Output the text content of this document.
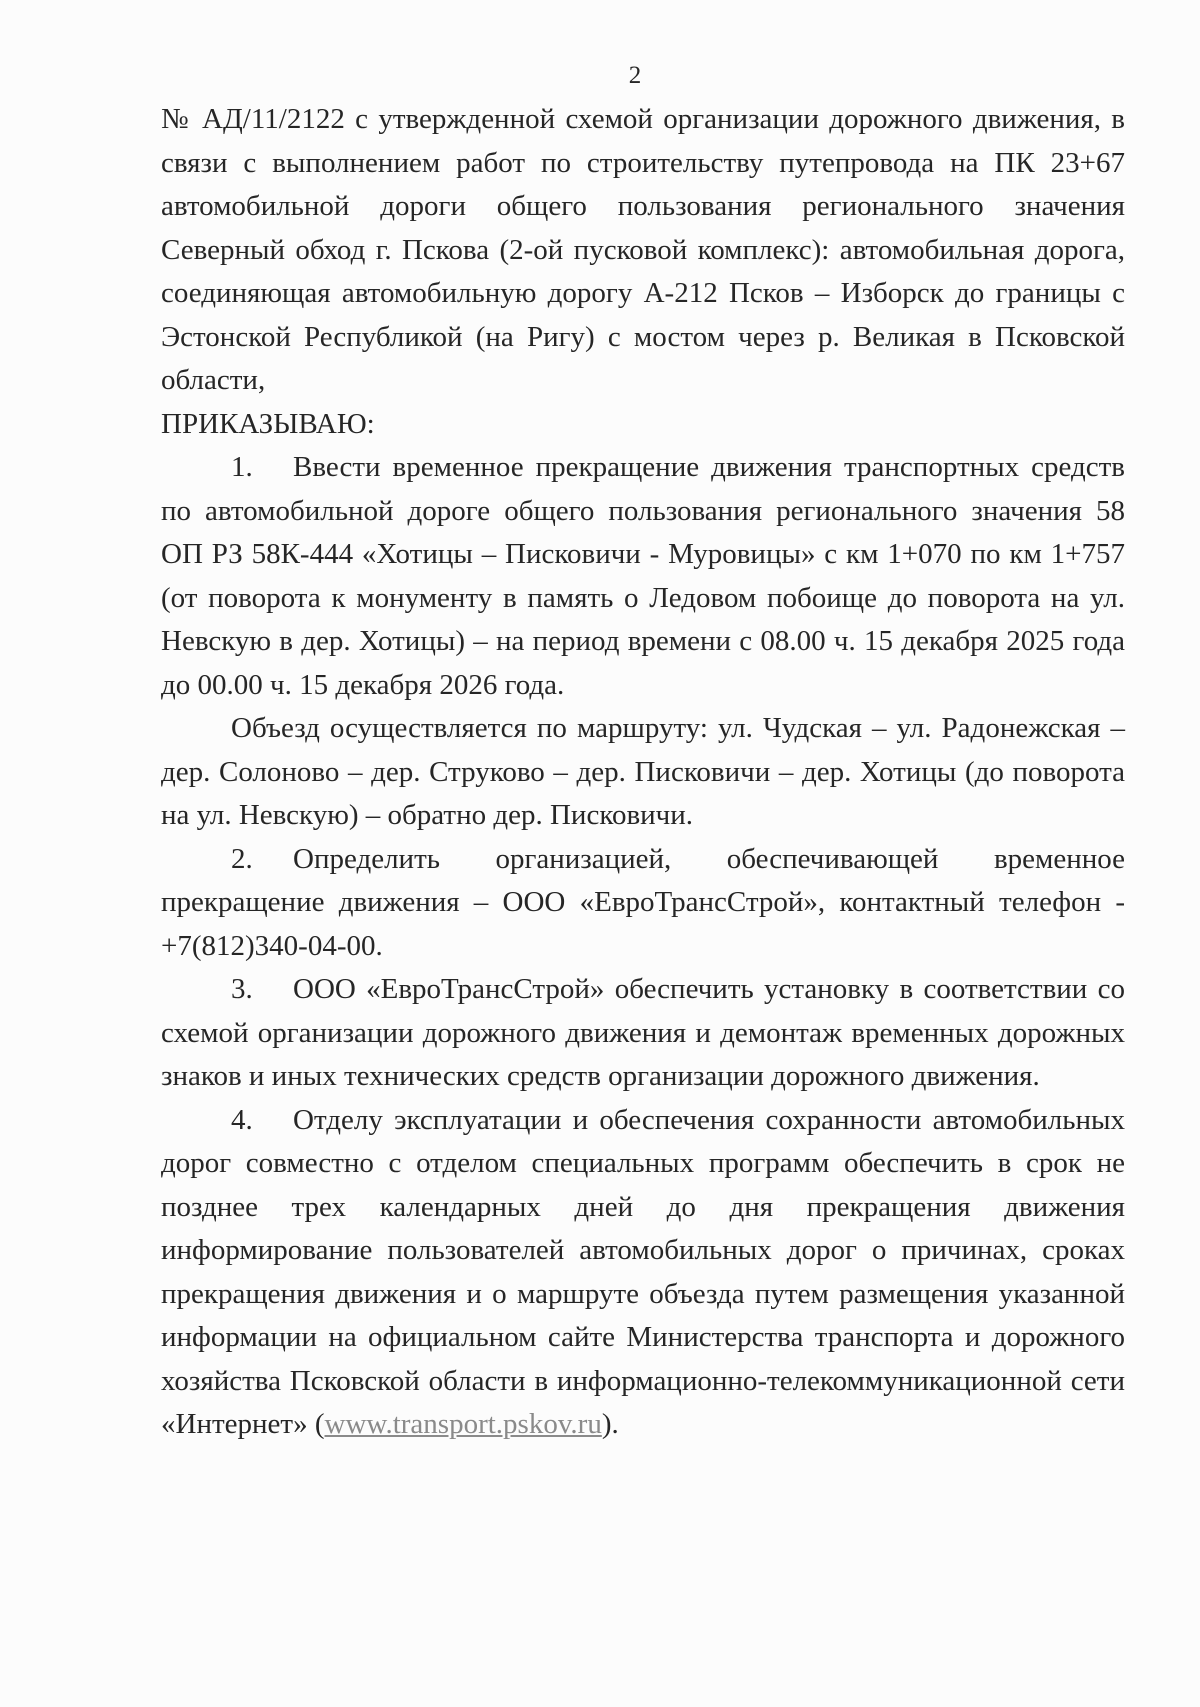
2

№ АД/11/2122 с утвержденной схемой организации дорожного движения, в связи с выполнением работ по строительству путепровода на ПК 23+67 автомобильной дороги общего пользования регионального значения Северный обход г. Пскова (2-ой пусковой комплекс): автомобильная дорога, соединяющая автомобильную дорогу А-212 Псков – Изборск до границы с Эстонской Республикой (на Ригу) с мостом через р. Великая в Псковской области,

ПРИКАЗЫВАЮ:

1. Ввести временное прекращение движения транспортных средств по автомобильной дороге общего пользования регионального значения 58 ОП РЗ 58К-444 «Хотицы – Писковичи - Муровицы» с км 1+070 по км 1+757 (от поворота к монументу в память о Ледовом побоище до поворота на ул. Невскую в дер. Хотицы) – на период времени с 08.00 ч. 15 декабря 2025 года до 00.00 ч. 15 декабря 2026 года.

Объезд осуществляется по маршруту: ул. Чудская – ул. Радонежская – дер. Солоново – дер. Струково – дер. Писковичи – дер. Хотицы (до поворота на ул. Невскую) – обратно дер. Писковичи.

2. Определить организацией, обеспечивающей временное прекращение движения – ООО «ЕвроТрансСтрой», контактный телефон - +7(812)340-04-00.

3. ООО «ЕвроТрансСтрой» обеспечить установку в соответствии со схемой организации дорожного движения и демонтаж временных дорожных знаков и иных технических средств организации дорожного движения.

4. Отделу эксплуатации и обеспечения сохранности автомобильных дорог совместно с отделом специальных программ обеспечить в срок не позднее трех календарных дней до дня прекращения движения информирование пользователей автомобильных дорог о причинах, сроках прекращения движения и о маршруте объезда путем размещения указанной информации на официальном сайте Министерства транспорта и дорожного хозяйства Псковской области в информационно-телекоммуникационной сети «Интернет» (www.transport.pskov.ru).
